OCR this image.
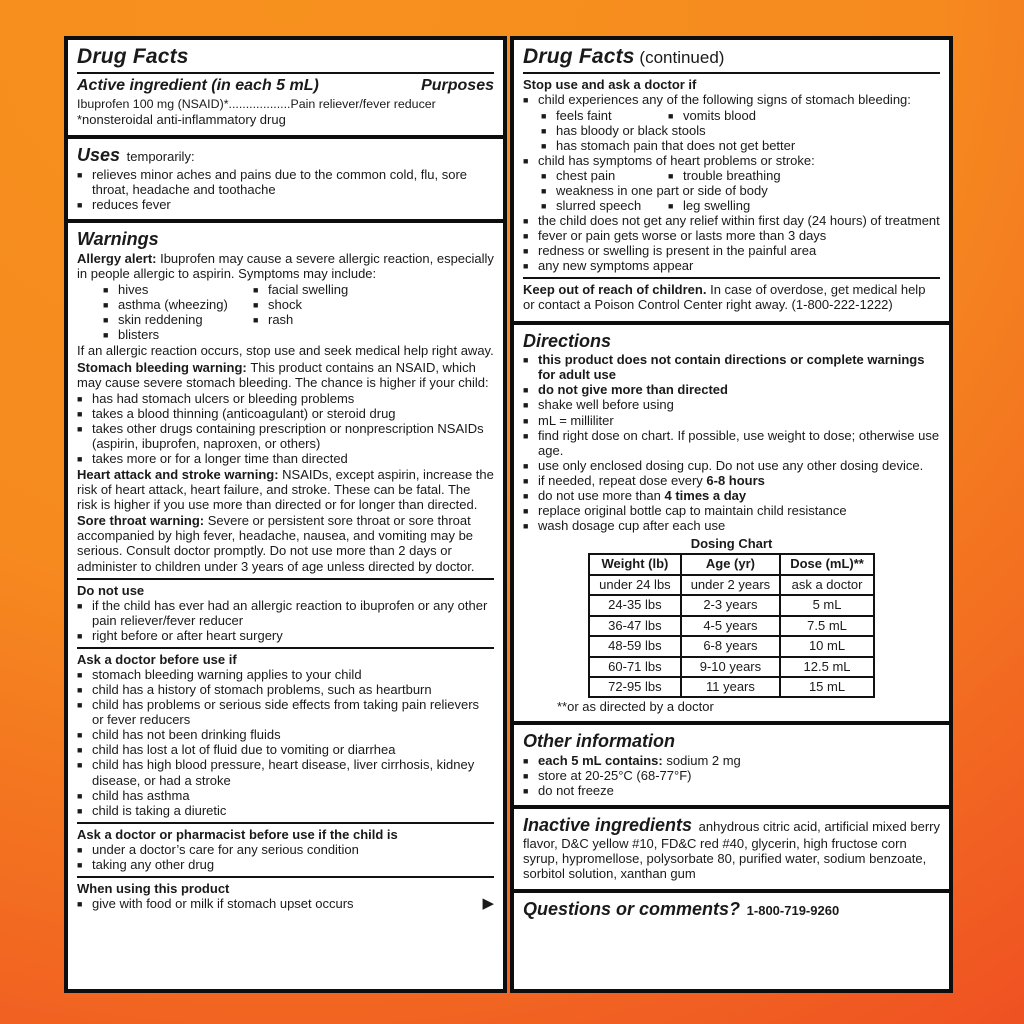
Drug Facts
Active ingredient (in each 5 mL)	Purposes
Ibuprofen 100 mg (NSAID)*..................Pain reliever/fever reducer
*nonsteroidal anti-inflammatory drug
Uses temporarily:
■ relieves minor aches and pains due to the common cold, flu, sore throat, headache and toothache
■ reduces fever
Warnings
Allergy alert: Ibuprofen may cause a severe allergic reaction, especially in people allergic to aspirin. Symptoms may include:
■ hives	■ facial swelling
■ asthma (wheezing)	■ shock
■ skin reddening	■ rash
■ blisters
If an allergic reaction occurs, stop use and seek medical help right away.
Stomach bleeding warning: This product contains an NSAID, which may cause severe stomach bleeding. The chance is higher if your child:
■ has had stomach ulcers or bleeding problems
■ takes a blood thinning (anticoagulant) or steroid drug
■ takes other drugs containing prescription or nonprescription NSAIDs (aspirin, ibuprofen, naproxen, or others)
■ takes more or for a longer time than directed
Heart attack and stroke warning: NSAIDs, except aspirin, increase the risk of heart attack, heart failure, and stroke. These can be fatal. The risk is higher if you use more than directed or for longer than directed.
Sore throat warning: Severe or persistent sore throat or sore throat accompanied by high fever, headache, nausea, and vomiting may be serious. Consult doctor promptly. Do not use more than 2 days or administer to children under 3 years of age unless directed by doctor.
Do not use
■ if the child has ever had an allergic reaction to ibuprofen or any other pain reliever/fever reducer
■ right before or after heart surgery
Ask a doctor before use if
■ stomach bleeding warning applies to your child
■ child has a history of stomach problems, such as heartburn
■ child has problems or serious side effects from taking pain relievers or fever reducers
■ child has not been drinking fluids
■ child has lost a lot of fluid due to vomiting or diarrhea
■ child has high blood pressure, heart disease, liver cirrhosis, kidney disease, or had a stroke
■ child has asthma
■ child is taking a diuretic
Ask a doctor or pharmacist before use if the child is
■ under a doctor’s care for any serious condition
■ taking any other drug
When using this product
■ give with food or milk if stomach upset occurs	▶
Drug Facts (continued)
Stop use and ask a doctor if
■ child experiences any of the following signs of stomach bleeding:
■ feels faint	■ vomits blood
■ has bloody or black stools
■ has stomach pain that does not get better
■ child has symptoms of heart problems or stroke:
■ chest pain	■ trouble breathing
■ weakness in one part or side of body
■ slurred speech	■ leg swelling
■ the child does not get any relief within first day (24 hours) of treatment
■ fever or pain gets worse or lasts more than 3 days
■ redness or swelling is present in the painful area
■ any new symptoms appear
Keep out of reach of children. In case of overdose, get medical help or contact a Poison Control Center right away. (1-800-222-1222)
Directions
■ this product does not contain directions or complete warnings for adult use
■ do not give more than directed
■ shake well before using
■ mL = milliliter
■ find right dose on chart. If possible, use weight to dose; otherwise use age.
■ use only enclosed dosing cup. Do not use any other dosing device.
■ if needed, repeat dose every 6-8 hours
■ do not use more than 4 times a day
■ replace original bottle cap to maintain child resistance
■ wash dosage cup after each use
Dosing Chart
Weight (lb)	Age (yr)	Dose (mL)**
under 24 lbs	under 2 years	ask a doctor
24-35 lbs	2-3 years	5 mL
36-47 lbs	4-5 years	7.5 mL
48-59 lbs	6-8 years	10 mL
60-71 lbs	9-10 years	12.5 mL
72-95 lbs	11 years	15 mL
**or as directed by a doctor
Other information
■ each 5 mL contains: sodium 2 mg
■ store at 20-25°C (68-77°F)
■ do not freeze
Inactive ingredients anhydrous citric acid, artificial mixed berry flavor, D&C yellow #10, FD&C red #40, glycerin, high fructose corn syrup, hypromellose, polysorbate 80, purified water, sodium benzoate, sorbitol solution, xanthan gum
Questions or comments? 1-800-719-9260
